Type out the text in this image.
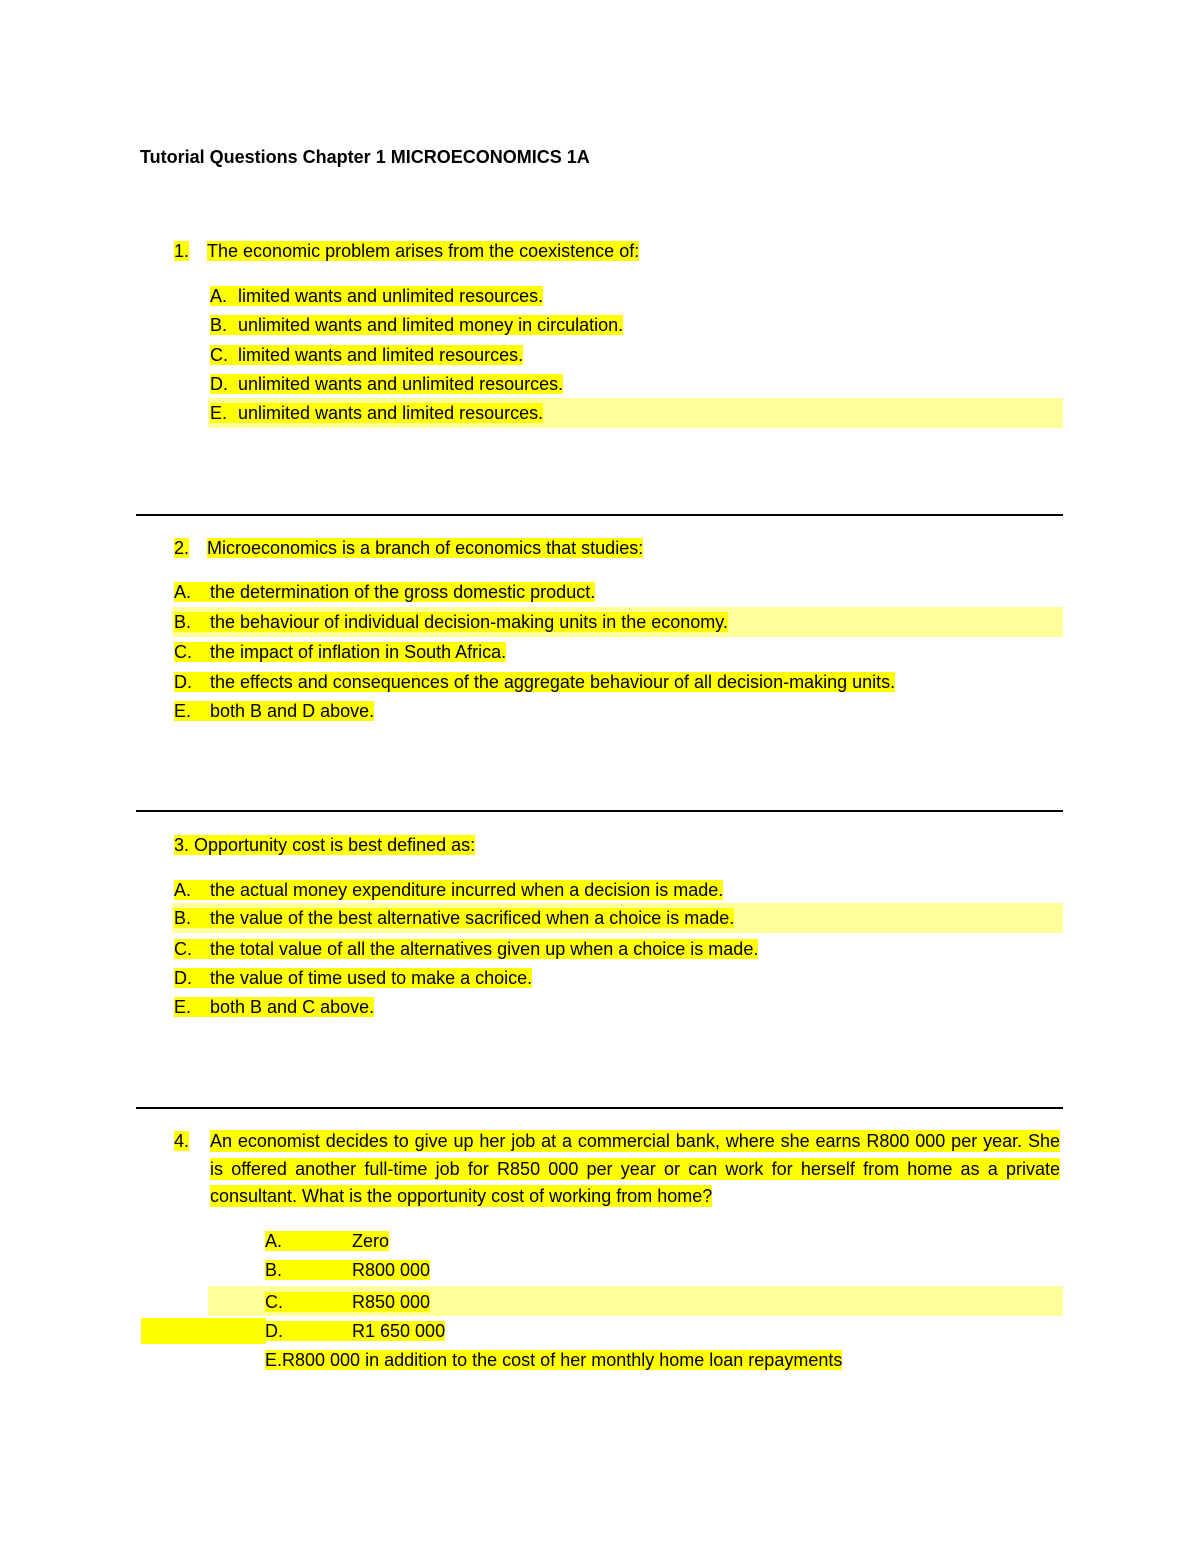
Tutorial Questions Chapter 1 MICROECONOMICS 1A
1. The economic problem arises from the coexistence of:
A. limited wants and unlimited resources.
B. unlimited wants and limited money in circulation.
C. limited wants and limited resources.
D. unlimited wants and unlimited resources.
E. unlimited wants and limited resources.
2. Microeconomics is a branch of economics that studies:
A. the determination of the gross domestic product.
B. the behaviour of individual decision-making units in the economy.
C. the impact of inflation in South Africa.
D. the effects and consequences of the aggregate behaviour of all decision-making units.
E. both B and D above.
3. Opportunity cost is best defined as:
A. the actual money expenditure incurred when a decision is made.
B. the value of the best alternative sacrificed when a choice is made.
C. the total value of all the alternatives given up when a choice is made.
D. the value of time used to make a choice.
E. both B and C above.
4. An economist decides to give up her job at a commercial bank, where she earns R800 000 per year. She is offered another full-time job for R850 000 per year or can work for herself from home as a private consultant. What is the opportunity cost of working from home?
A.	Zero
B.	R800 000
C.	R850 000
D.	R1 650 000
E.R800 000 in addition to the cost of her monthly home loan repayments
